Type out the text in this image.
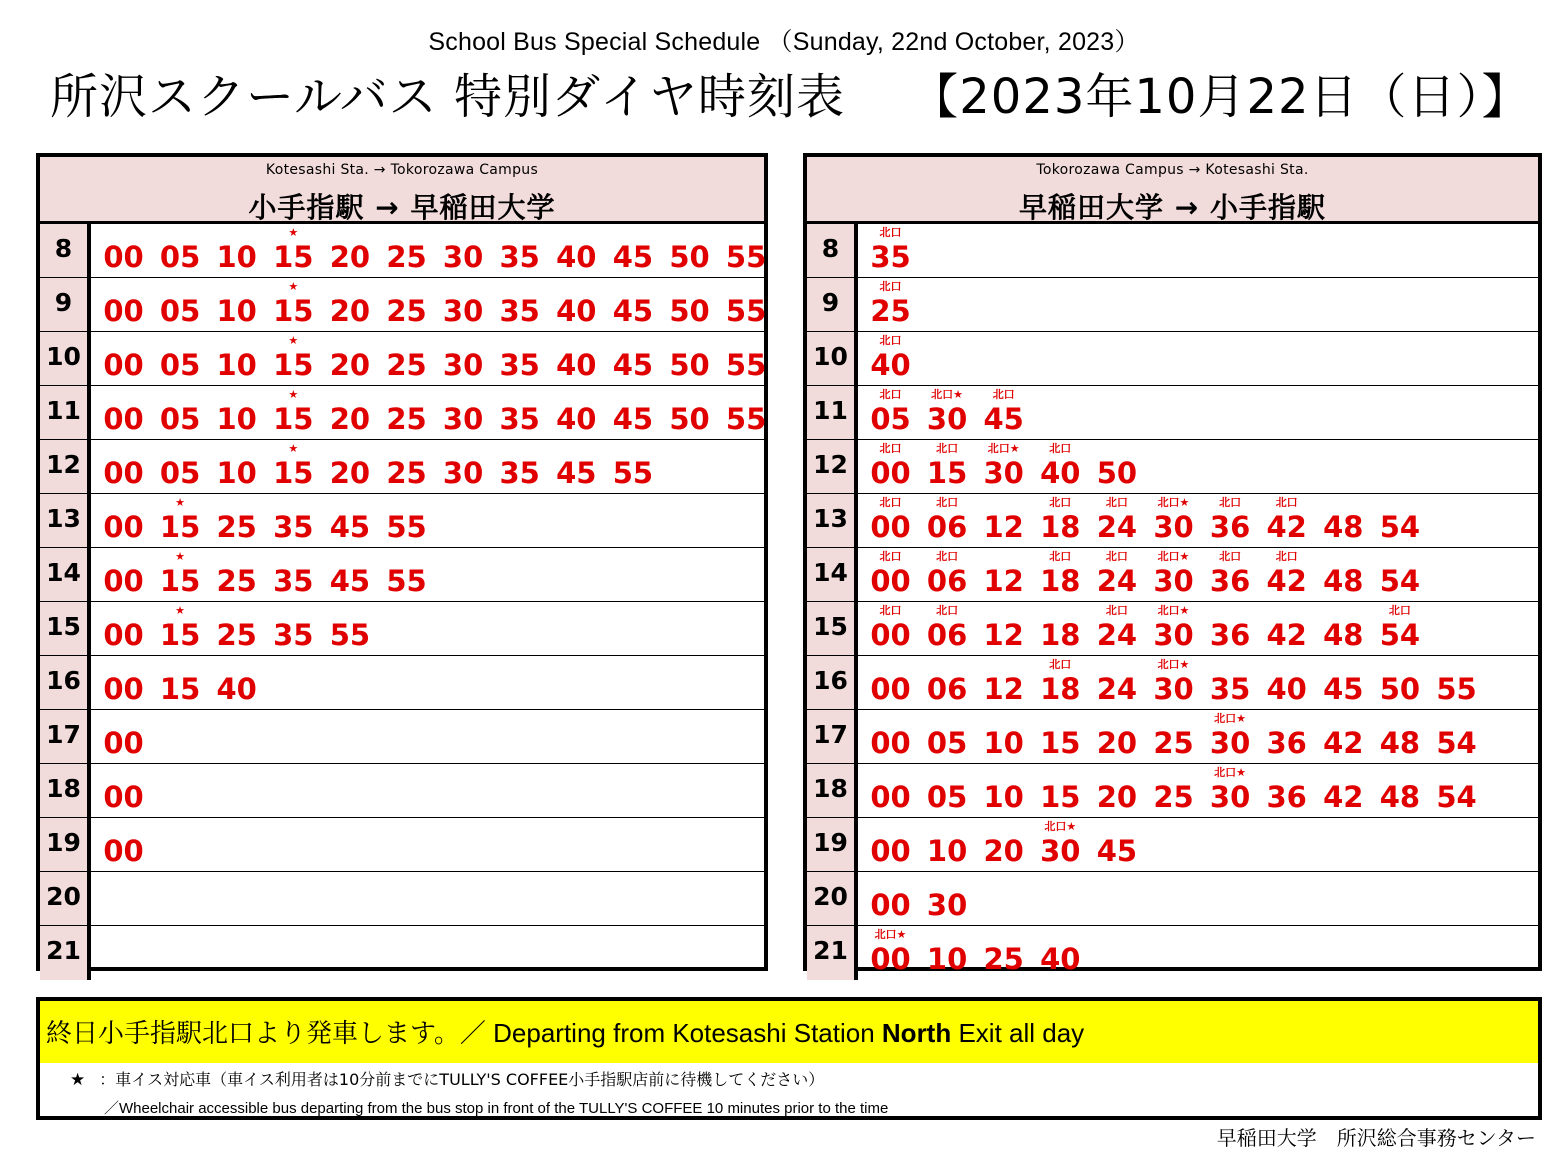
School Bus Special Schedule （Sunday, 22nd October, 2023）
所沢スクールバス 特別ダイヤ時刻表　 【2023年10月22日（日）】
Kotesashi Sta. → Tokorozawa Campus
小手指駅 → 早稲田大学
8	00 05 10
★
15 20 25 30 35 40 45 50 55
9	00 05 10
★
15 20 25 30 35 40 45 50 55
10 00 05 10
★
15 20 25 30 35 40 45 50 55
11 00 05 10
★
15 20 25 30 35 40 45 50 55
12 00 05 10
★
15 20 25 30 35 45 55
13 00
★
15 25 35 45 55
14 00
★
15 25 35 45 55
15 00
★
15 25 35 55
16 00 15 40
17 00
18 00
19 00
20
21
Tokorozawa Campus → Kotesashi Sta.
早稲田大学 → 小手指駅
8
北口
35
9
北口
25
10
北口
40
11
北口
05
北口★
30
北口
45
12
北口
00
北口
15
北口★
30
北口
40 50
13
北口
00
北口
06 12
北口
18
北口
24
北口★
30
北口
36
北口
42 48 54
14
北口
00
北口
06 12
北口
18
北口
24
北口★
30
北口
36
北口
42 48 54
15
北口
00
北口
06 12 18
北口
24
北口★
30 36 42 48
北口
54
16 00 06 12
北口
18 24
北口★
30 35 40 45 50 55
17 00 05 10 15 20 25
北口★
30 36 42 48 54
18 00 05 10 15 20 25
北口★
30 36 42 48 54
19 00 10 20
北口★
30 45
20 00 30
21
北口★
00 10 25 40
終日小手指駅北口より発車します。／ Departing from Kotesashi Station North Exit all day
★ ：車イス対応車（車イス利用者は10分前までにTULLY'S COFFEE小手指駅店前に待機してください）
／Wheelchair accessible bus departing from the bus stop in front of the TULLY'S COFFEE 10 minutes prior to the time
早稲田大学　所沢総合事務センター
